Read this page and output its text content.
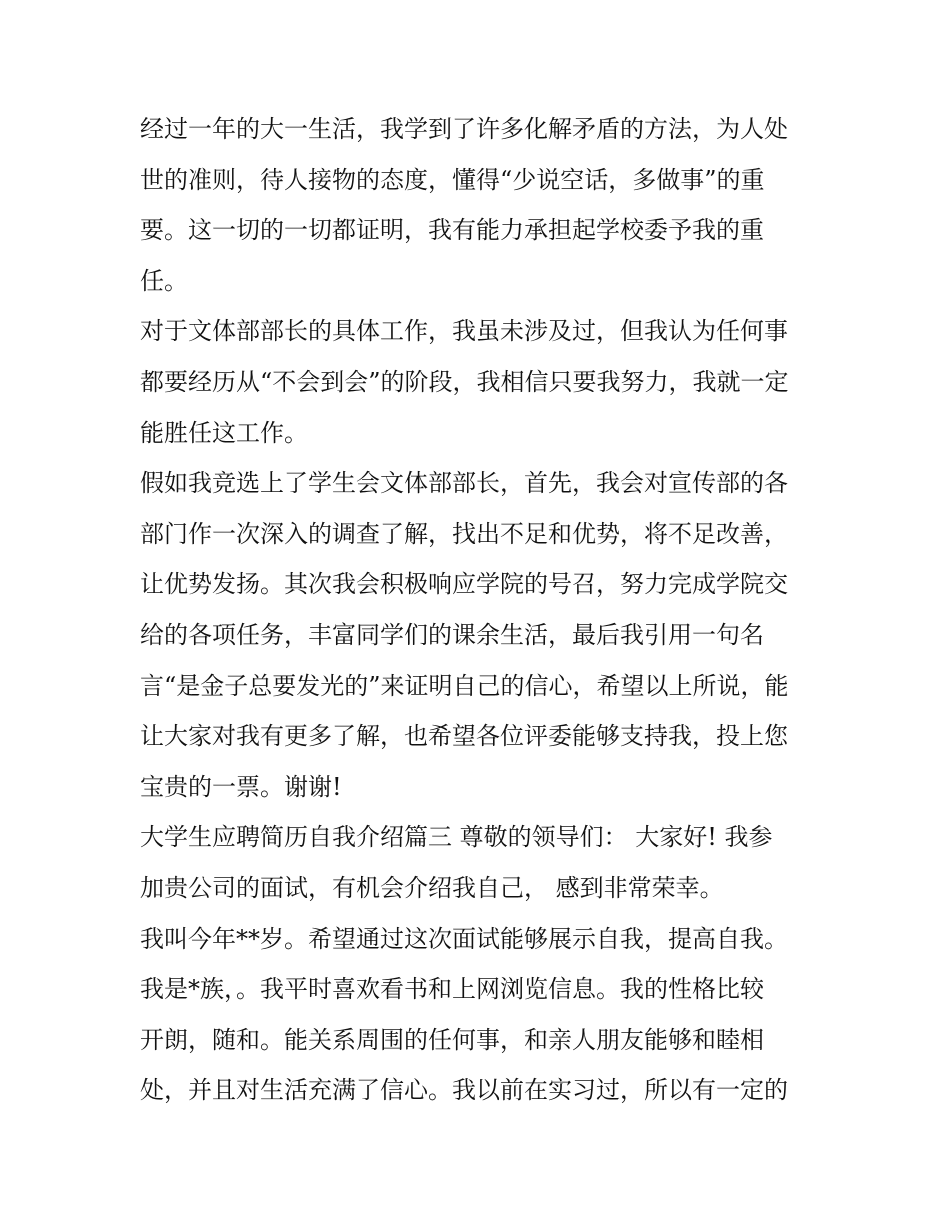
经过一年的大一生活，我学到了许多化解矛盾的方法，为人处
世的准则，待人接物的态度，懂得“少说空话，多做事”的重
要。这一切的一切都证明，我有能力承担起学校委予我的重
任。
对于文体部部长的具体工作，我虽未涉及过，但我认为任何事
都要经历从“不会到会”的阶段，我相信只要我努力，我就一定
能胜任这工作。
假如我竞选上了学生会文体部部长，首先，我会对宣传部的各
部门作一次深入的调查了解，找出不足和优势，将不足改善，
让优势发扬。其次我会积极响应学院的号召，努力完成学院交
给的各项任务，丰富同学们的课余生活，最后我引用一句名
言“是金子总要发光的”来证明自己的信心，希望以上所说，能
让大家对我有更多了解，也希望各位评委能够支持我，投上您
宝贵的一票。谢谢!
大学生应聘简历自我介绍篇三 尊敬的领导们： 大家好! 我参
加贵公司的面试，有机会介绍我自己， 感到非常荣幸。
我叫今年**岁。希望通过这次面试能够展示自我，提高自我。
我是*族，。我平时喜欢看书和上网浏览信息。我的性格比较
开朗，随和。能关系周围的任何事，和亲人朋友能够和睦相
处，并且对生活充满了信心。我以前在实习过，所以有一定的
